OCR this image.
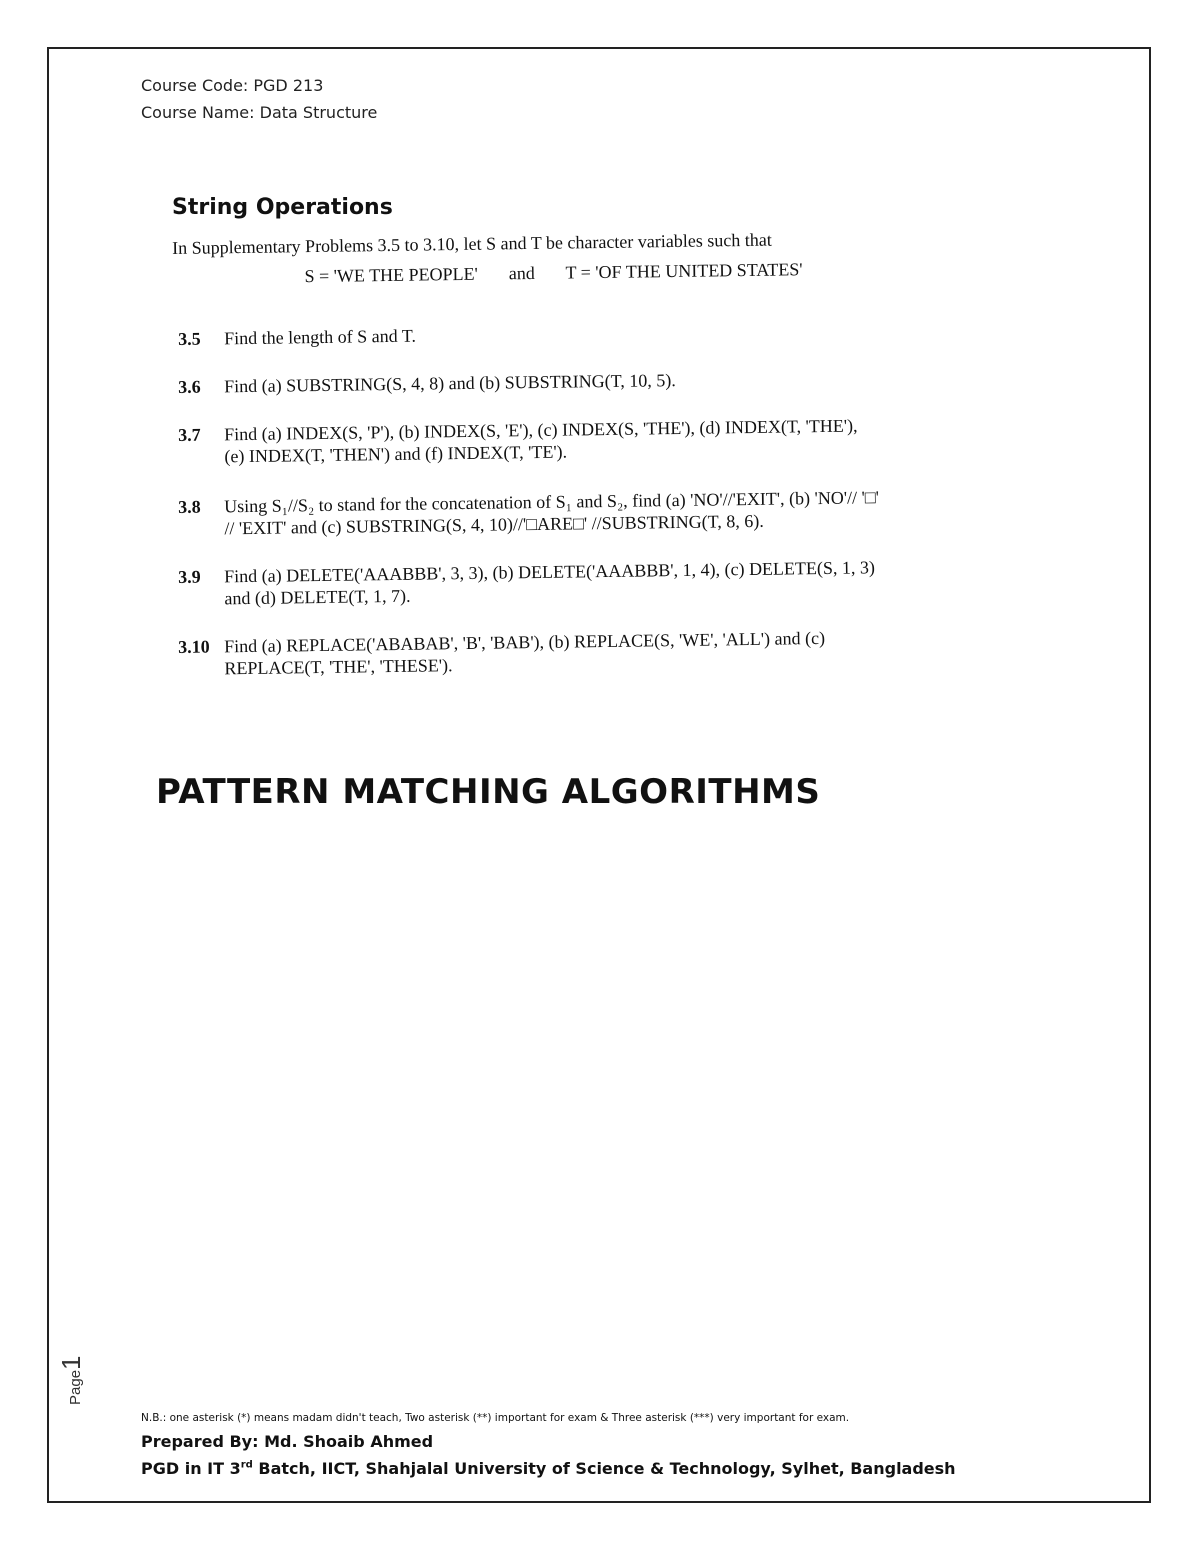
Course Code: PGD 213
Course Name: Data Structure
String Operations
In Supplementary Problems 3.5 to 3.10, let S and T be character variables such that
S = 'WE THE PEOPLE' and T = 'OF THE UNITED STATES'
3.5	Find the length of S and T.
3.6	Find (a) SUBSTRING(S, 4, 8) and (b) SUBSTRING(T, 10, 5).
3.7	Find (a) INDEX(S, 'P'), (b) INDEX(S, 'E'), (c) INDEX(S, 'THE'), (d) INDEX(T, 'THE'),
(e) INDEX(T, 'THEN') and (f) INDEX(T, 'TE').
3.8	Using S₁//S₂ to stand for the concatenation of S₁ and S₂, find (a) 'NO'//'EXIT', (b) 'NO'// '□'
// 'EXIT' and (c) SUBSTRING(S, 4, 10)//'□ARE□' //SUBSTRING(T, 8, 6).
3.9	Find (a) DELETE('AAABBB', 3, 3), (b) DELETE('AAABBB', 1, 4), (c) DELETE(S, 1, 3)
and (d) DELETE(T, 1, 7).
3.10 Find (a) REPLACE('ABABAB', 'B', 'BAB'), (b) REPLACE(S, 'WE', 'ALL') and (c)
REPLACE(T, 'THE', 'THESE').
PATTERN MATCHING ALGORITHMS
Page1
N.B.: one asterisk (*) means madam didn't teach, Two asterisk (**) important for exam & Three asterisk (***) very important for exam.
Prepared By: Md. Shoaib Ahmed
PGD in IT 3rd Batch, IICT, Shahjalal University of Science & Technology, Sylhet, Bangladesh
